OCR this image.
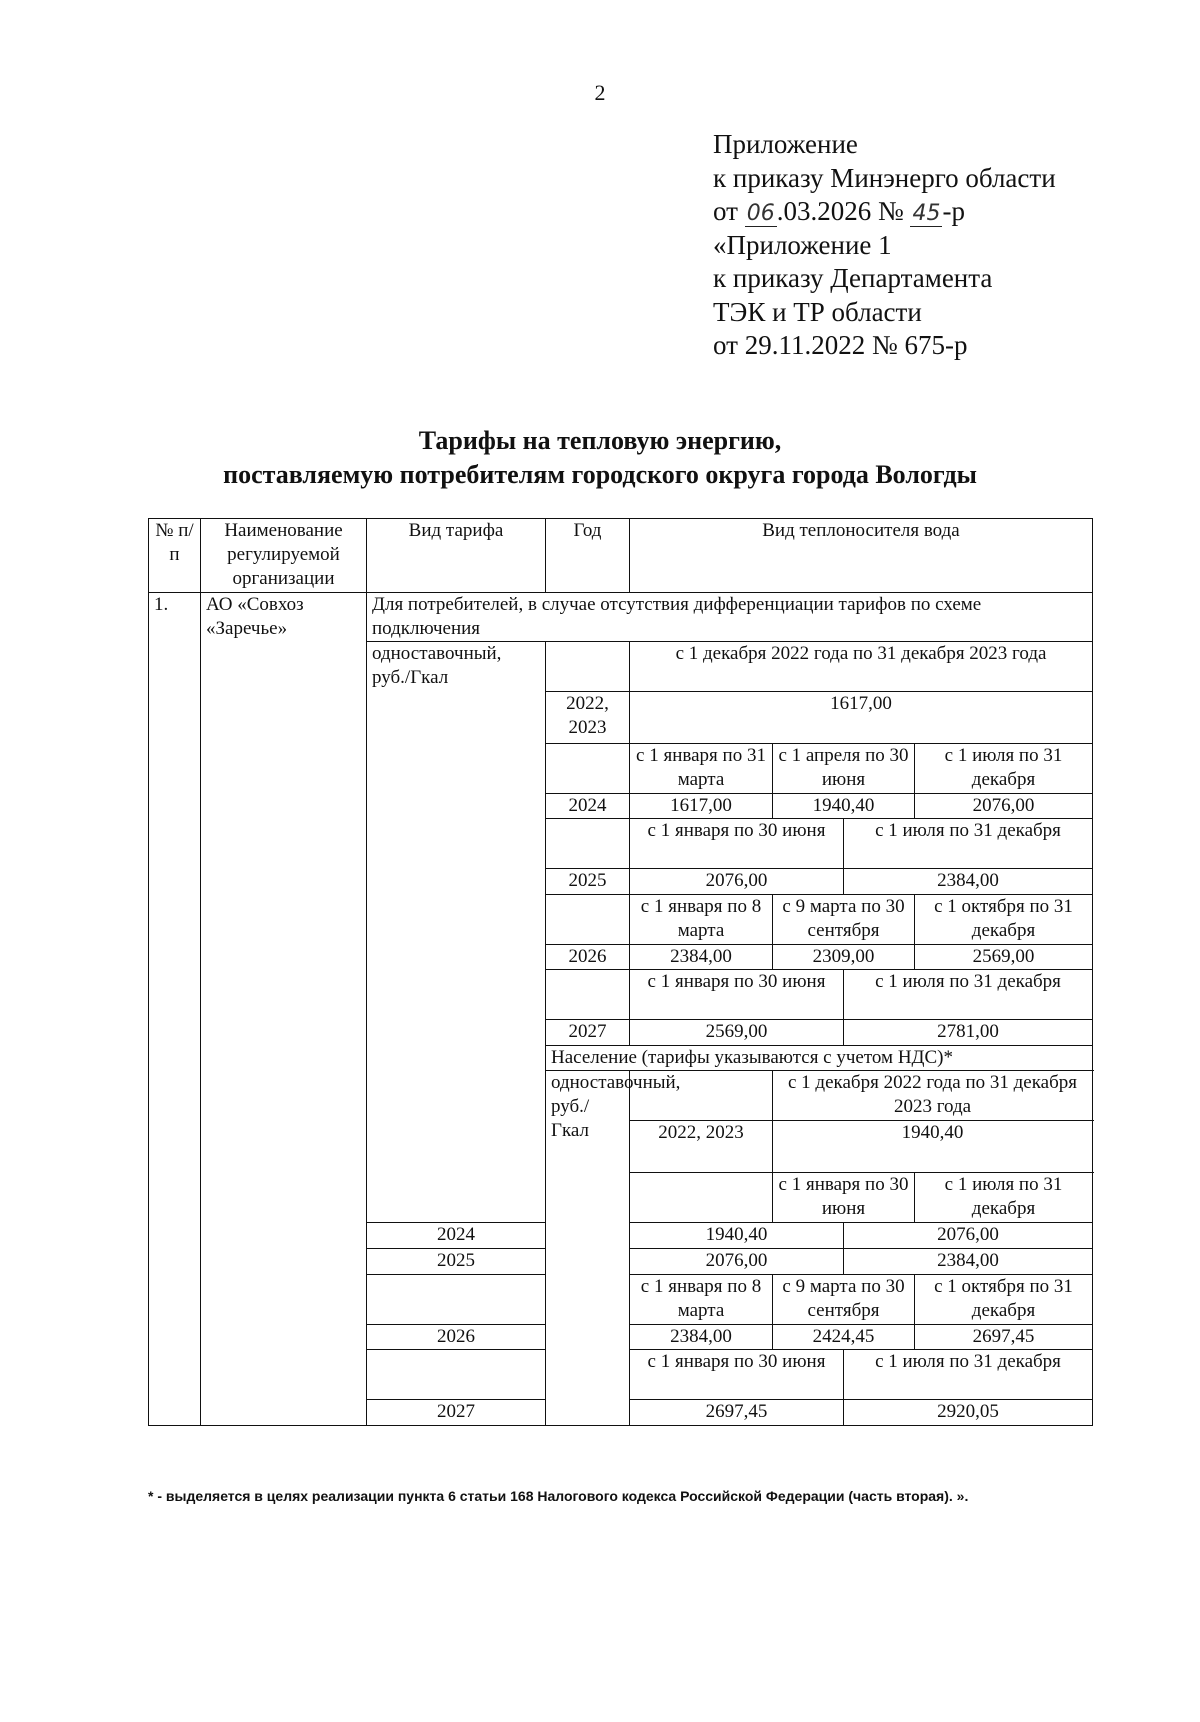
2
Приложение
к приказу Минэнерго области
от 06.03.2026 № 45-р
«Приложение 1
к приказу Департамента
ТЭК и ТР области
от 29.11.2022 № 675-р
Тарифы на тепловую энергию,
поставляемую потребителям городского округа города Вологды
№ п/п	Наименование регулируемой организации	Вид тарифа	Год	Вид теплоносителя вода			
1.	АО «Совхоз «Заречье»	Для потребителей, в случае отсутствия дифференциации тарифов по схеме подключения					
		одноставочный, руб./Гкал		с 1 декабря 2022 года по 31 декабря 2023 года			
			2022, 2023	1617,00			
				с 1 января по 31 марта	с 1 апреля по 30 июня		с 1 июля по 31 декабря
			2024	1617,00	1940,40		2076,00
				с 1 января по 30 июня		с 1 июля по 31 декабря	
			2025	2076,00		2384,00	
				с 1 января по 8 марта	с 9 марта по 30 сентября		с 1 октября по 31 декабря
			2026	2384,00	2309,00		2569,00
				с 1 января по 30 июня		с 1 июля по 31 декабря	
			2027	2569,00		2781,00	
			Население (тарифы указываются с учетом НДС)*				
			одноставочный, руб./Гкал		с 1 декабря 2022 года по 31 декабря 2023 года		
				2022, 2023	1940,40		
					с 1 января по 30 июня		с 1 июля по 31 декабря
		2024		1940,40		2076,00	
		2025		2076,00		2384,00	
				с 1 января по 8 марта	с 9 марта по 30 сентября		с 1 октября по 31 декабря
		2026		2384,00	2424,45		2697,45
				с 1 января по 30 июня		с 1 июля по 31 декабря	
		2027		2697,45		2920,05	
* - выделяется в целях реализации пункта 6 статьи 168 Налогового кодекса Российской Федерации (часть вторая). ».
